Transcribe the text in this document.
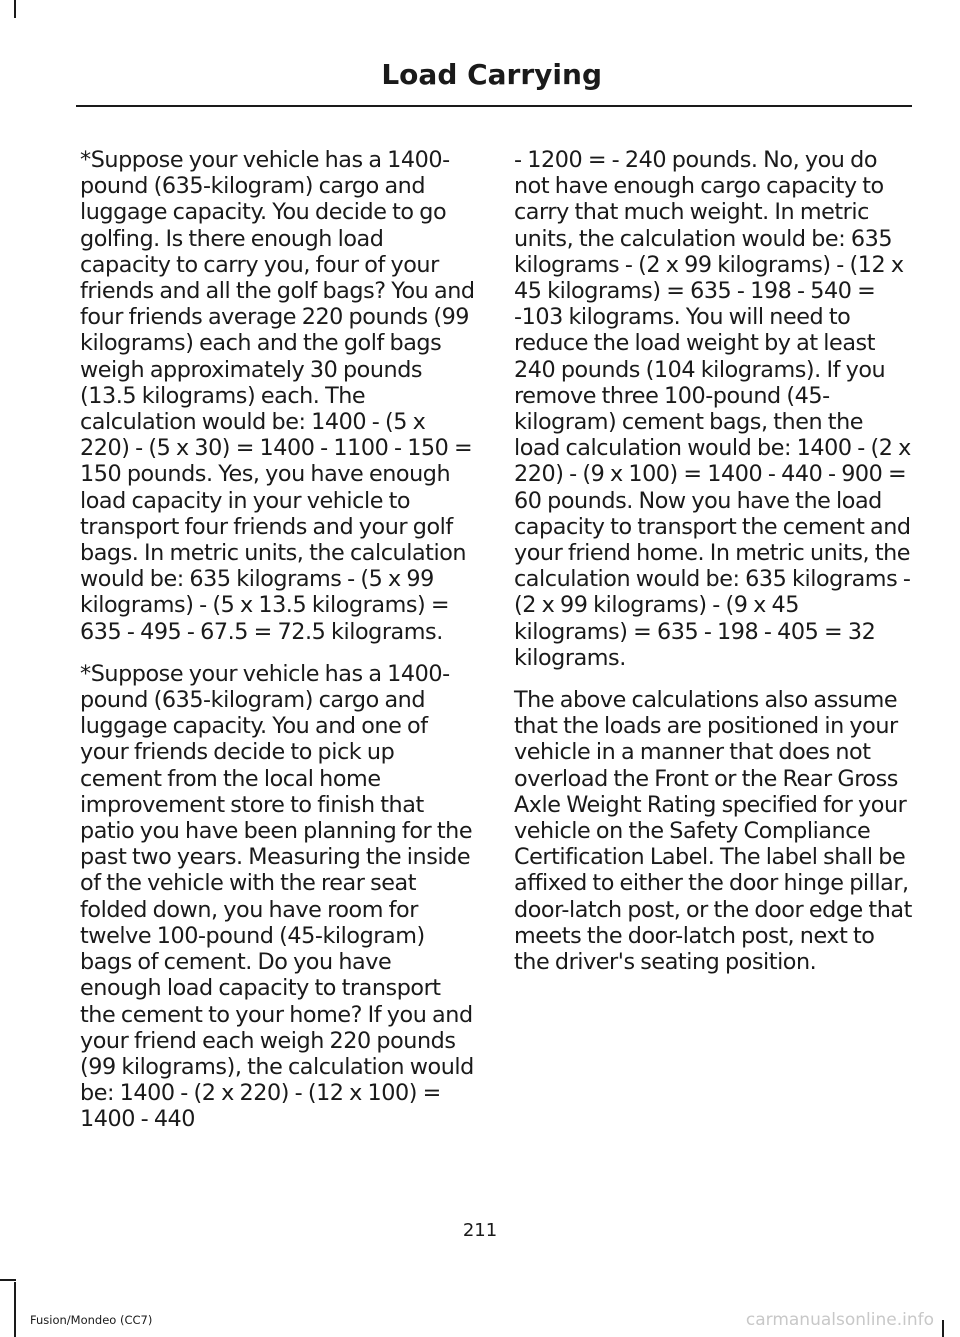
Load Carrying

*Suppose your vehicle has a 1400-pound (635-kilogram) cargo and luggage capacity. You decide to go golfing. Is there enough load capacity to carry you, four of your friends and all the golf bags? You and four friends average 220 pounds (99 kilograms) each and the golf bags weigh approximately 30 pounds (13.5 kilograms) each. The calculation would be: 1400 - (5 x 220) - (5 x 30) = 1400 - 1100 - 150 = 150 pounds. Yes, you have enough load capacity in your vehicle to transport four friends and your golf bags. In metric units, the calculation would be: 635 kilograms - (5 x 99 kilograms) - (5 x 13.5 kilograms) = 635 - 495 - 67.5 = 72.5 kilograms.

*Suppose your vehicle has a 1400-pound (635-kilogram) cargo and luggage capacity. You and one of your friends decide to pick up cement from the local home improvement store to finish that patio you have been planning for the past two years. Measuring the inside of the vehicle with the rear seat folded down, you have room for twelve 100-pound (45-kilogram) bags of cement. Do you have enough load capacity to transport the cement to your home? If you and your friend each weigh 220 pounds (99 kilograms), the calculation would be: 1400 - (2 x 220) - (12 x 100) = 1400 - 440

- 1200 = - 240 pounds. No, you do not have enough cargo capacity to carry that much weight. In metric units, the calculation would be: 635 kilograms - (2 x 99 kilograms) - (12 x 45 kilograms) = 635 - 198 - 540 = -103 kilograms. You will need to reduce the load weight by at least 240 pounds (104 kilograms). If you remove three 100-pound (45-kilogram) cement bags, then the load calculation would be: 1400 - (2 x 220) - (9 x 100) = 1400 - 440 - 900 = 60 pounds. Now you have the load capacity to transport the cement and your friend home. In metric units, the calculation would be: 635 kilograms - (2 x 99 kilograms) - (9 x 45 kilograms) = 635 - 198 - 405 = 32 kilograms.

The above calculations also assume that the loads are positioned in your vehicle in a manner that does not overload the Front or the Rear Gross Axle Weight Rating specified for your vehicle on the Safety Compliance Certification Label. The label shall be affixed to either the door hinge pillar, door-latch post, or the door edge that meets the door-latch post, next to the driver's seating position.

211
Fusion/Mondeo (CC7)	carmanualsonline.info
